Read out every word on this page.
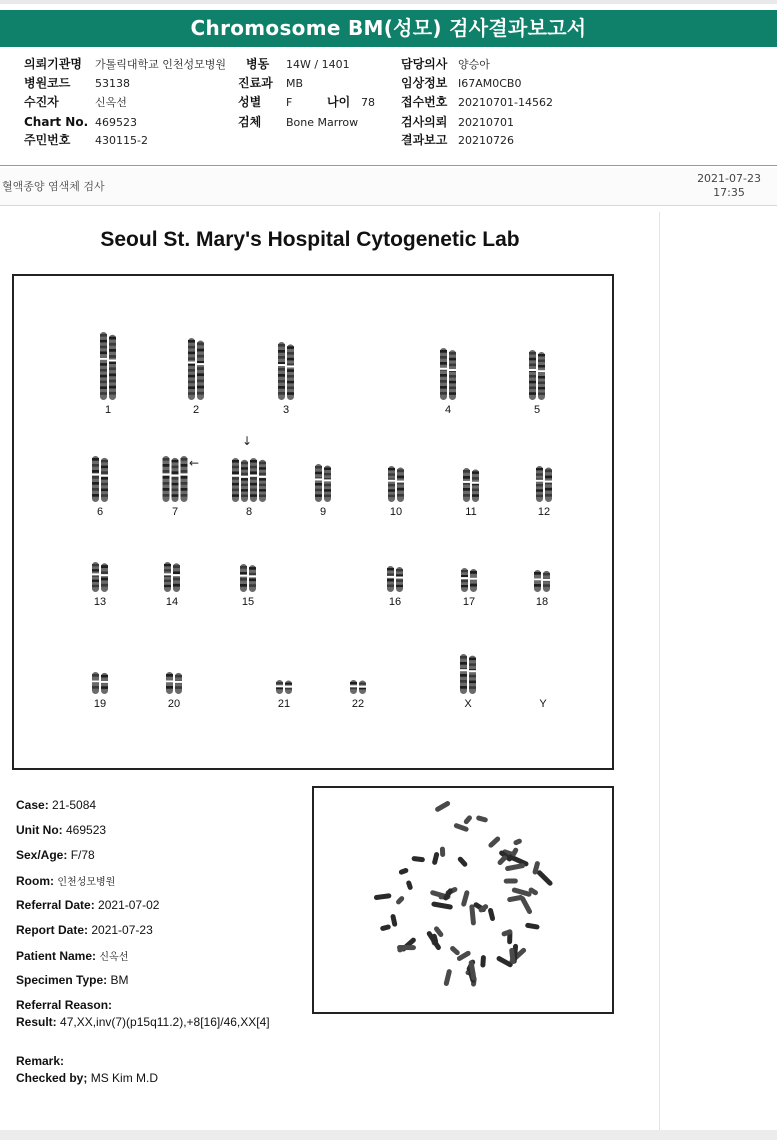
Chromosome BM(성모) 검사결과보고서
의뢰기관명 가톨릭대학교 인천성모병원 병동 14W / 1401	담당의사 양승아
병원코드 53138	진료과 MB	임상정보 I67AM0CB0
수진자	신옥선	성별 F	나이 78 접수번호 20210701-14562
Chart No. 469523	검체 Bone Marrow	검사의뢰 20210701
주민번호 430115-2	결과보고 20210726
혈액종양 염색체 검사
2021-07-23
17:35
Seoul St. Mary's Hospital Cytogenetic Lab
1	2	3	4	5
6	7	8	9	10	11	12
13	14	15	16	17	18
19	20	21	22	X	Y
↓
←
Case: 21-5084
Unit No: 469523
Sex/Age: F/78
Room: 인천성모병원
Referral Date: 2021-07-02
Report Date: 2021-07-23
Patient Name: 신옥선
Specimen Type: BM
Referral Reason:
Result: 47,XX,inv(7)(p15q11.2),+8[16]/46,XX[4]
Remark:
Checked by; MS Kim M.D
